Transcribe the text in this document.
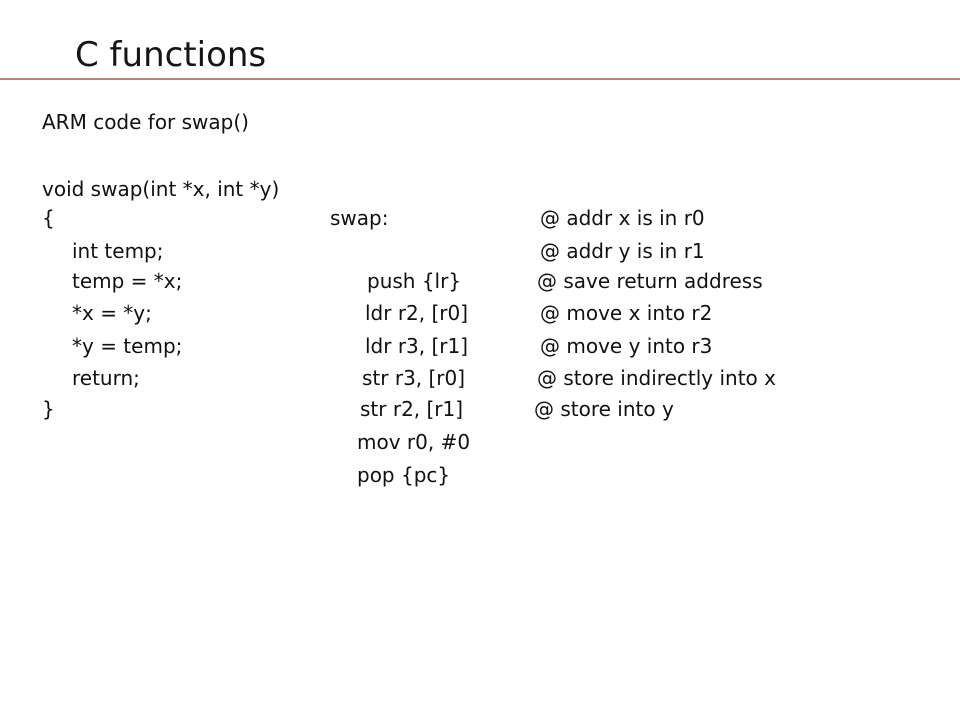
C functions
ARM code for swap()
void swap(int *x, int *y)
{
int temp;
temp = *x;
*x = *y;
*y = temp;
return;
}
swap:
push {lr}
ldr r2, [r0]
ldr r3, [r1]
str r3, [r0]
str r2, [r1]
mov r0, #0
pop {pc}
@ addr x is in r0
@ addr y is in r1
@ save return address
@ move x into r2
@ move y into r3
@ store indirectly into x
@ store into y
